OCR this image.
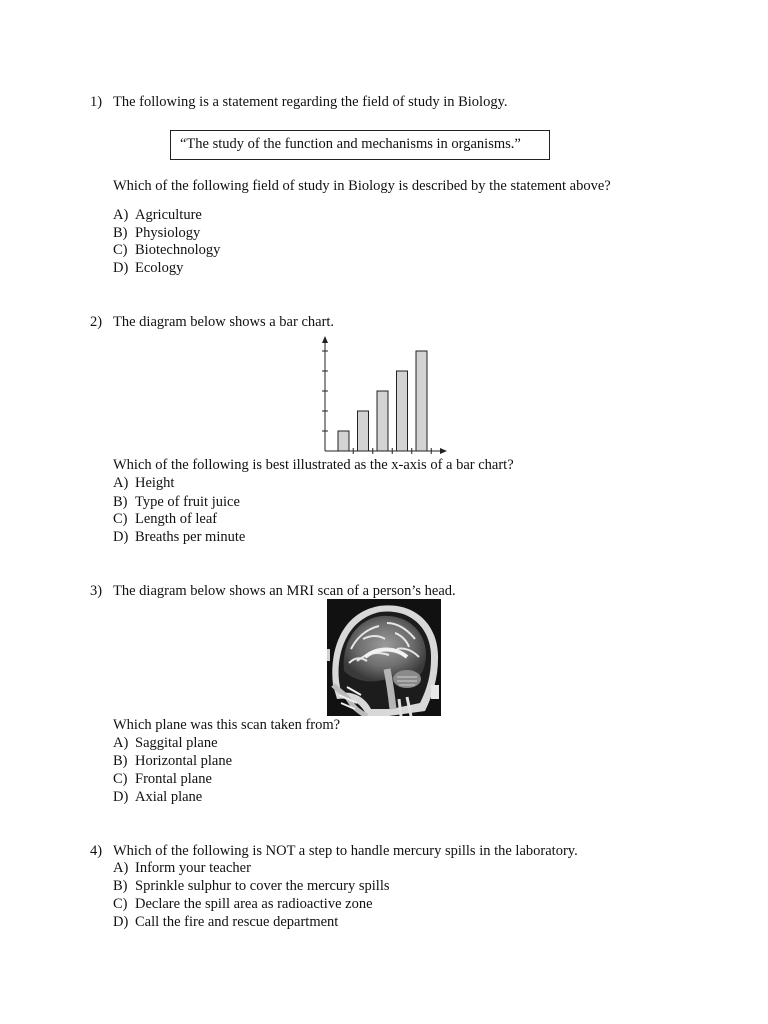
1) The following is a statement regarding the field of study in Biology.
“The study of the function and mechanisms in organisms.”
Which of the following field of study in Biology is described by the statement above?
A) Agriculture
B) Physiology
C) Biotechnology
D) Ecology
2) The diagram below shows a bar chart.
Which of the following is best illustrated as the x-axis of a bar chart?
A) Height
B) Type of fruit juice
C) Length of leaf
D) Breaths per minute
3) The diagram below shows an MRI scan of a person’s head.
Which plane was this scan taken from?
A) Saggital plane
B) Horizontal plane
C) Frontal plane
D) Axial plane
4) Which of the following is NOT a step to handle mercury spills in the laboratory.
A) Inform your teacher
B) Sprinkle sulphur to cover the mercury spills
C) Declare the spill area as radioactive zone
D) Call the fire and rescue department
